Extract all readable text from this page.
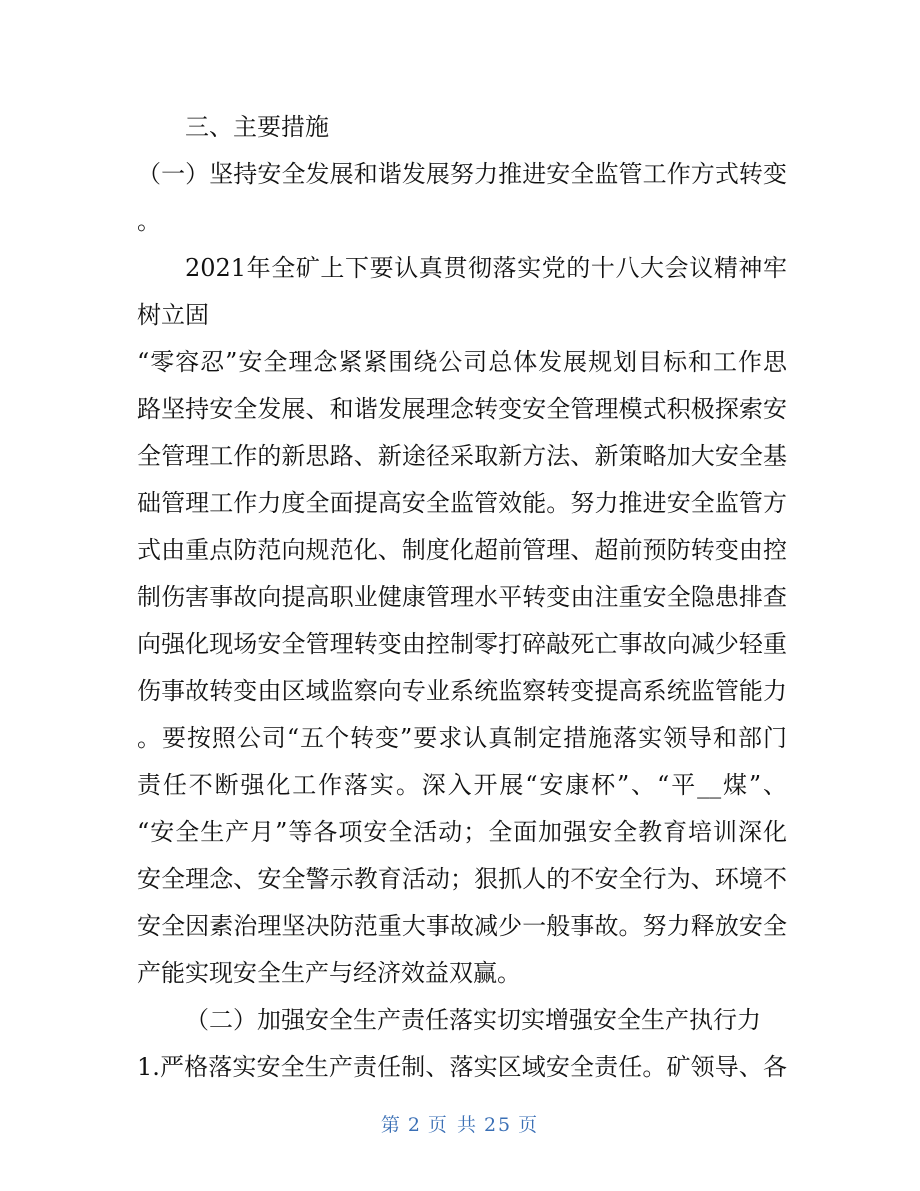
三、主要措施
（一）坚持安全发展和谐发展努力推进安全监管工作方式转变
。
2021年全矿上下要认真贯彻落实党的十八大会议精神牢固
树立
“零容忍”安全理念紧紧围绕公司总体发展规划目标和工作思
路坚持安全发展、和谐发展理念转变安全管理模式积极探索安
全管理工作的新思路、新途径采取新方法、新策略加大安全基
础管理工作力度全面提高安全监管效能。努力推进安全监管方
式由重点防范向规范化、制度化超前管理、超前预防转变由控
制伤害事故向提高职业健康管理水平转变由注重安全隐患排查
向强化现场安全管理转变由控制零打碎敲死亡事故向减少轻重
伤事故转变由区域监察向专业系统监察转变提高系统监管能力
。要按照公司“五个转变”要求认真制定措施落实领导和部门
责任不断强化工作落实。深入开展“安康杯”、“平__煤”、
“安全生产月”等各项安全活动；全面加强安全教育培训深化
安全理念、安全警示教育活动；狠抓人的不安全行为、环境不
安全因素治理坚决防范重大事故减少一般事故。努力释放安全
产能实现安全生产与经济效益双赢。
（二）加强安全生产责任落实切实增强安全生产执行力
1.严格落实安全生产责任制、落实区域安全责任。矿领导、各
第 2 页 共 25 页
